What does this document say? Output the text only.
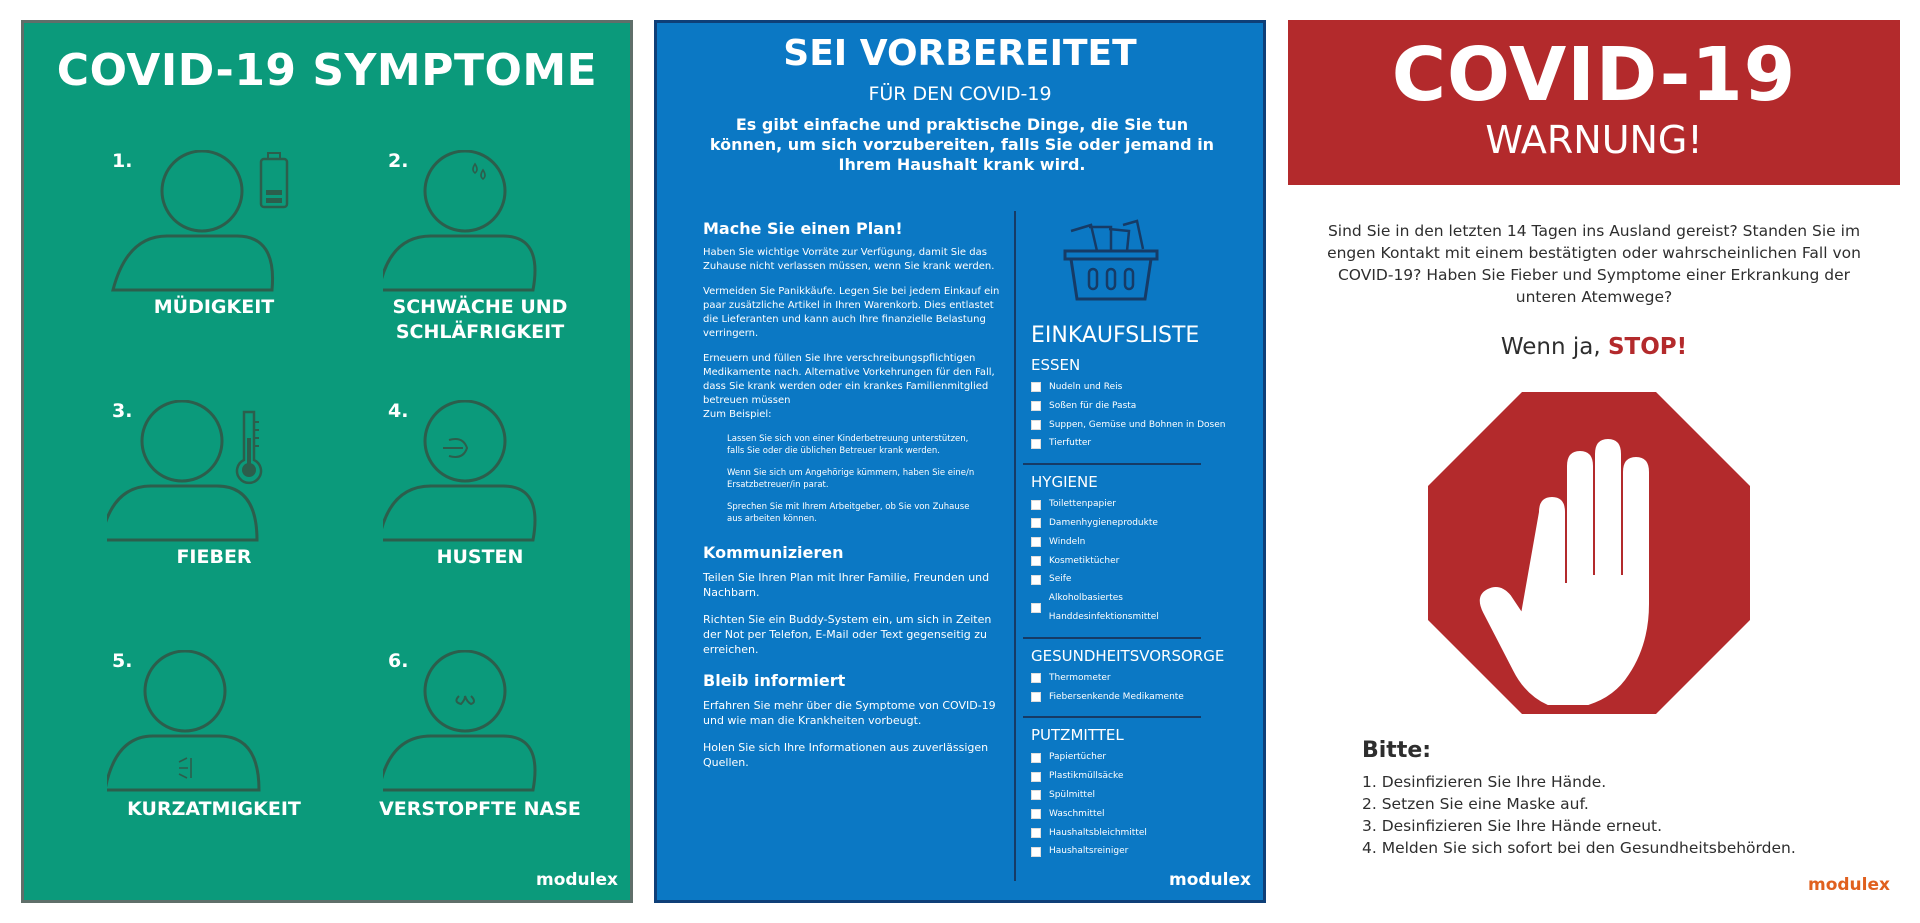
COVID-19 SYMPTOME
1.
MÜDIGKEIT
2.
SCHWÄCHE UND SCHLÄFRIGKEIT
3.
FIEBER
4.
HUSTEN
5.
KURZATMIGKEIT
6.
VERSTOPFTE NASE
modulex
SEI VORBEREITET
FÜR DEN COVID-19
Es gibt einfache und praktische Dinge, die Sie tun können, um sich vorzubereiten, falls Sie oder jemand in Ihrem Haushalt krank wird.
Mache Sie einen Plan!

Haben Sie wichtige Vorräte zur Verfügung, damit Sie das Zuhause nicht verlassen müssen, wenn Sie krank werden.

Vermeiden Sie Panikkäufe. Legen Sie bei jedem Einkauf ein paar zusätzliche Artikel in Ihren Warenkorb. Dies entlastet die Lieferanten und kann auch Ihre finanzielle Belastung verringern.

Erneuern und füllen Sie Ihre verschreibungspflichtigen Medikamente nach. Alternative Vorkehrungen für den Fall, dass Sie krank werden oder ein krankes Familienmitglied betreuen müssen

Zum Beispiel:

Lassen Sie sich von einer Kinderbetreuung unterstützen, falls Sie oder die üblichen Betreuer krank werden.

Wenn Sie sich um Angehörige kümmern, haben Sie eine/n Ersatzbetreuer/in parat.

Sprechen Sie mit Ihrem Arbeitgeber, ob Sie von Zuhause aus arbeiten können.

Kommunizieren

Teilen Sie Ihren Plan mit Ihrer Familie, Freunden und Nachbarn.

Richten Sie ein Buddy-System ein, um sich in Zeiten der Not per Telefon, E-Mail oder Text gegenseitig zu erreichen.

Bleib informiert

Erfahren Sie mehr über die Symptome von COVID-19 und wie man die Krankheiten vorbeugt.

Holen Sie sich Ihre Informationen aus zuverlässigen Quellen.

EINKAUFSLISTE
ESSEN
Nudeln und Reis
Soßen für die Pasta
Suppen, Gemüse und Bohnen in Dosen
Tierfutter
HYGIENE
Toilettenpapier
Damenhygieneprodukte
Windeln
Kosmetiktücher
Seife
Alkoholbasiertes Handdesinfektionsmittel
GESUNDHEITSVORSORGE
Thermometer
Fiebersenkende Medikamente
PUTZMITTEL
Papiertücher
Plastikmüllsäcke
Spülmittel
Waschmittel
Haushaltsbleichmittel
Haushaltsreiniger
modulex
COVID-19
WARNUNG!
Sind Sie in den letzten 14 Tagen ins Ausland gereist? Standen Sie im engen Kontakt mit einem bestätigten oder wahrscheinlichen Fall von COVID-19? Haben Sie Fieber und Symptome einer Erkrankung der unteren Atemwege?
Wenn ja, STOP!
Bitte:
1. Desinfizieren Sie Ihre Hände.
2. Setzen Sie eine Maske auf.
3. Desinfizieren Sie Ihre Hände erneut.
4. Melden Sie sich sofort bei den Gesundheitsbehörden.
modulex
